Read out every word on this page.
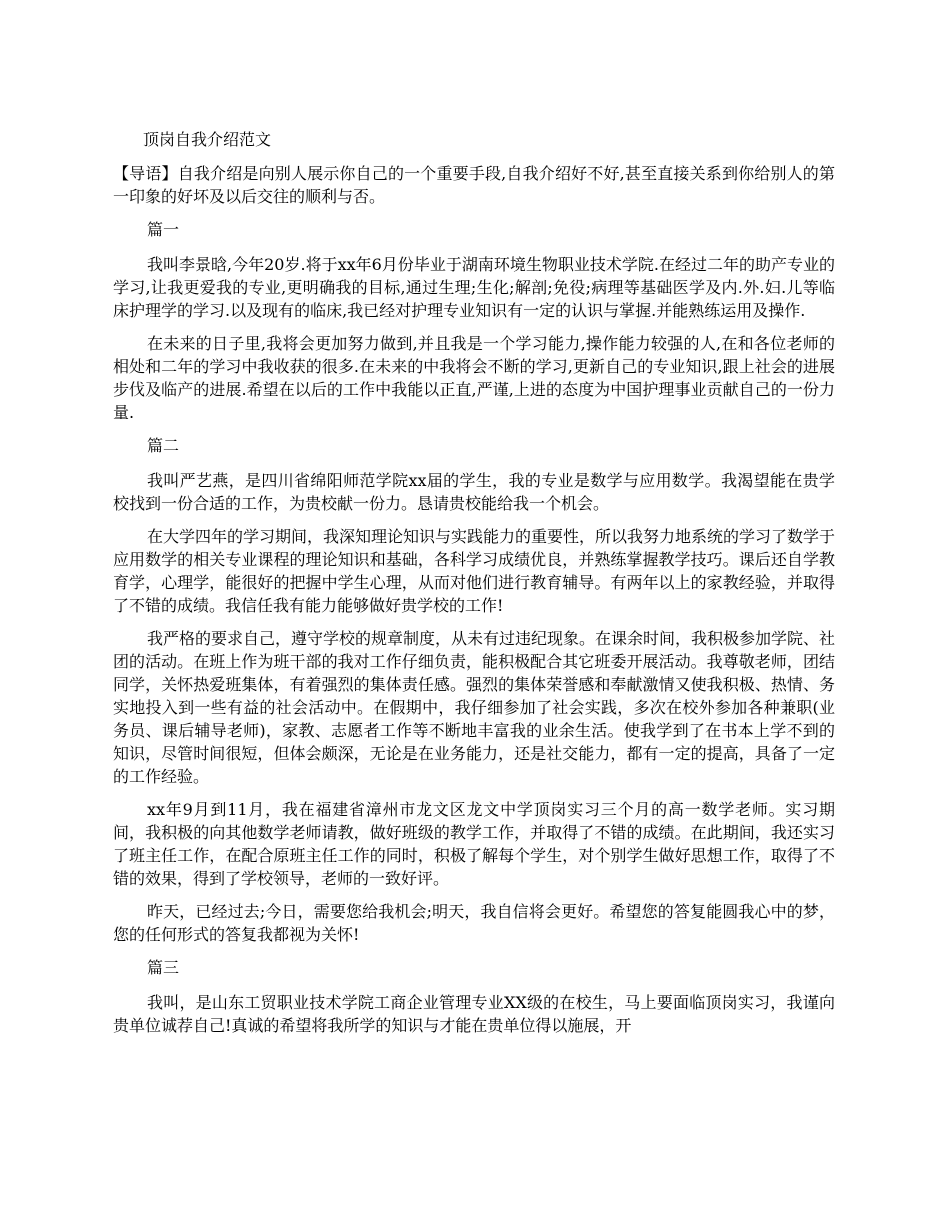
顶岗自我介绍范文

【导语】自我介绍是向别人展示你自己的一个重要手段,自我介绍好不好,甚至直接关系到你给别人的第一印象的好坏及以后交往的顺利与否。

篇一

我叫李景晗,今年20岁.将于xx年6月份毕业于湖南环境生物职业技术学院.在经过二年的助产专业的学习,让我更爱我的专业,更明确我的目标,通过生理;生化;解剖;免役;病理等基础医学及内.外.妇.儿等临床护理学的学习.以及现有的临床,我已经对护理专业知识有一定的认识与掌握.并能熟练运用及操作.

在未来的日子里,我将会更加努力做到,并且我是一个学习能力,操作能力较强的人,在和各位老师的相处和二年的学习中我收获的很多.在未来的中我将会不断的学习,更新自己的专业知识,跟上社会的进展步伐及临产的进展.希望在以后的工作中我能以正直,严谨,上进的态度为中国护理事业贡献自己的一份力量.

篇二

我叫严艺燕，是四川省绵阳师范学院xx届的学生，我的专业是数学与应用数学。我渴望能在贵学校找到一份合适的工作，为贵校献一份力。恳请贵校能给我一个机会。

在大学四年的学习期间，我深知理论知识与实践能力的重要性，所以我努力地系统的学习了数学于应用数学的相关专业课程的理论知识和基础，各科学习成绩优良，并熟练掌握教学技巧。课后还自学教育学，心理学，能很好的把握中学生心理，从而对他们进行教育辅导。有两年以上的家教经验，并取得了不错的成绩。我信任我有能力能够做好贵学校的工作!

我严格的要求自己，遵守学校的规章制度，从未有过违纪现象。在课余时间，我积极参加学院、社团的活动。在班上作为班干部的我对工作仔细负责，能积极配合其它班委开展活动。我尊敬老师，团结同学，关怀热爱班集体，有着强烈的集体责任感。强烈的集体荣誉感和奉献激情又使我积极、热情、务实地投入到一些有益的社会活动中。在假期中，我仔细参加了社会实践，多次在校外参加各种兼职(业务员、课后辅导老师)，家教、志愿者工作等不断地丰富我的业余生活。使我学到了在书本上学不到的知识，尽管时间很短，但体会颇深，无论是在业务能力，还是社交能力，都有一定的提高，具备了一定的工作经验。

xx年9月到11月，我在福建省漳州市龙文区龙文中学顶岗实习三个月的高一数学老师。实习期间，我积极的向其他数学老师请教，做好班级的教学工作，并取得了不错的成绩。在此期间，我还实习了班主任工作，在配合原班主任工作的同时，积极了解每个学生，对个别学生做好思想工作，取得了不错的效果，得到了学校领导，老师的一致好评。

昨天，已经过去;今日，需要您给我机会;明天，我自信将会更好。希望您的答复能圆我心中的梦，您的任何形式的答复我都视为关怀!

篇三

我叫，是山东工贸职业技术学院工商企业管理专业XX级的在校生，马上要面临顶岗实习，我谨向贵单位诚荐自己!真诚的希望将我所学的知识与才能在贵单位得以施展，开
